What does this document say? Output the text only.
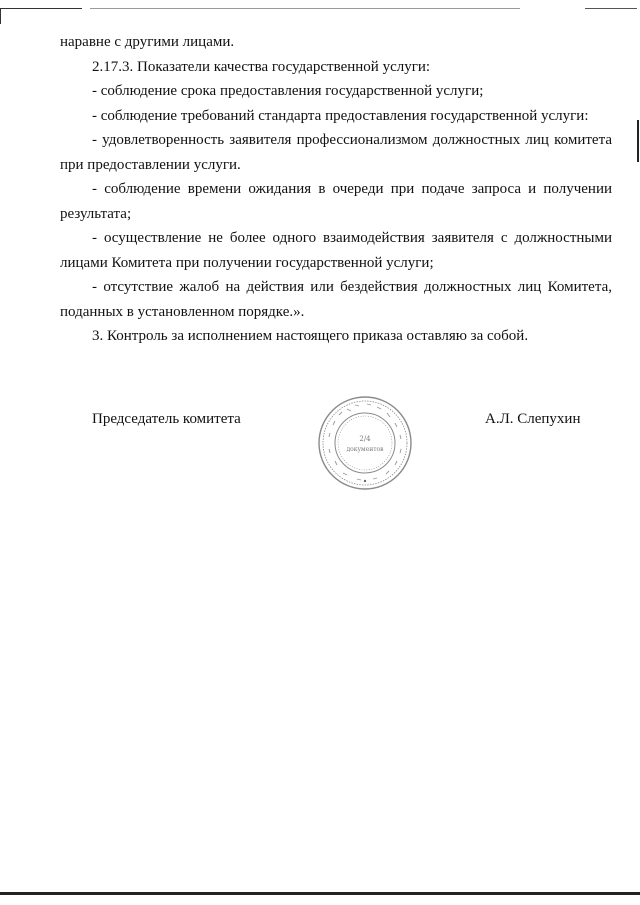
наравне с другими лицами.

2.17.3. Показатели качества государственной услуги:

- соблюдение срока предоставления государственной услуги;

- соблюдение требований стандарта предоставления государственной услуги:

- удовлетворенность заявителя профессионализмом должностных лиц комитета при предоставлении услуги.

- соблюдение времени ожидания в очереди при подаче запроса и получении результата;

- осуществление не более одного взаимодействия заявителя с должностными лицами Комитета при получении государственной услуги;

- отсутствие жалоб на действия или бездействия должностных лиц Комитета, поданных в установленном порядке.».

3. Контроль за исполнением настоящего приказа оставляю за собой.

Председатель комитета
2/4
документов
А.Л. Слепухин
